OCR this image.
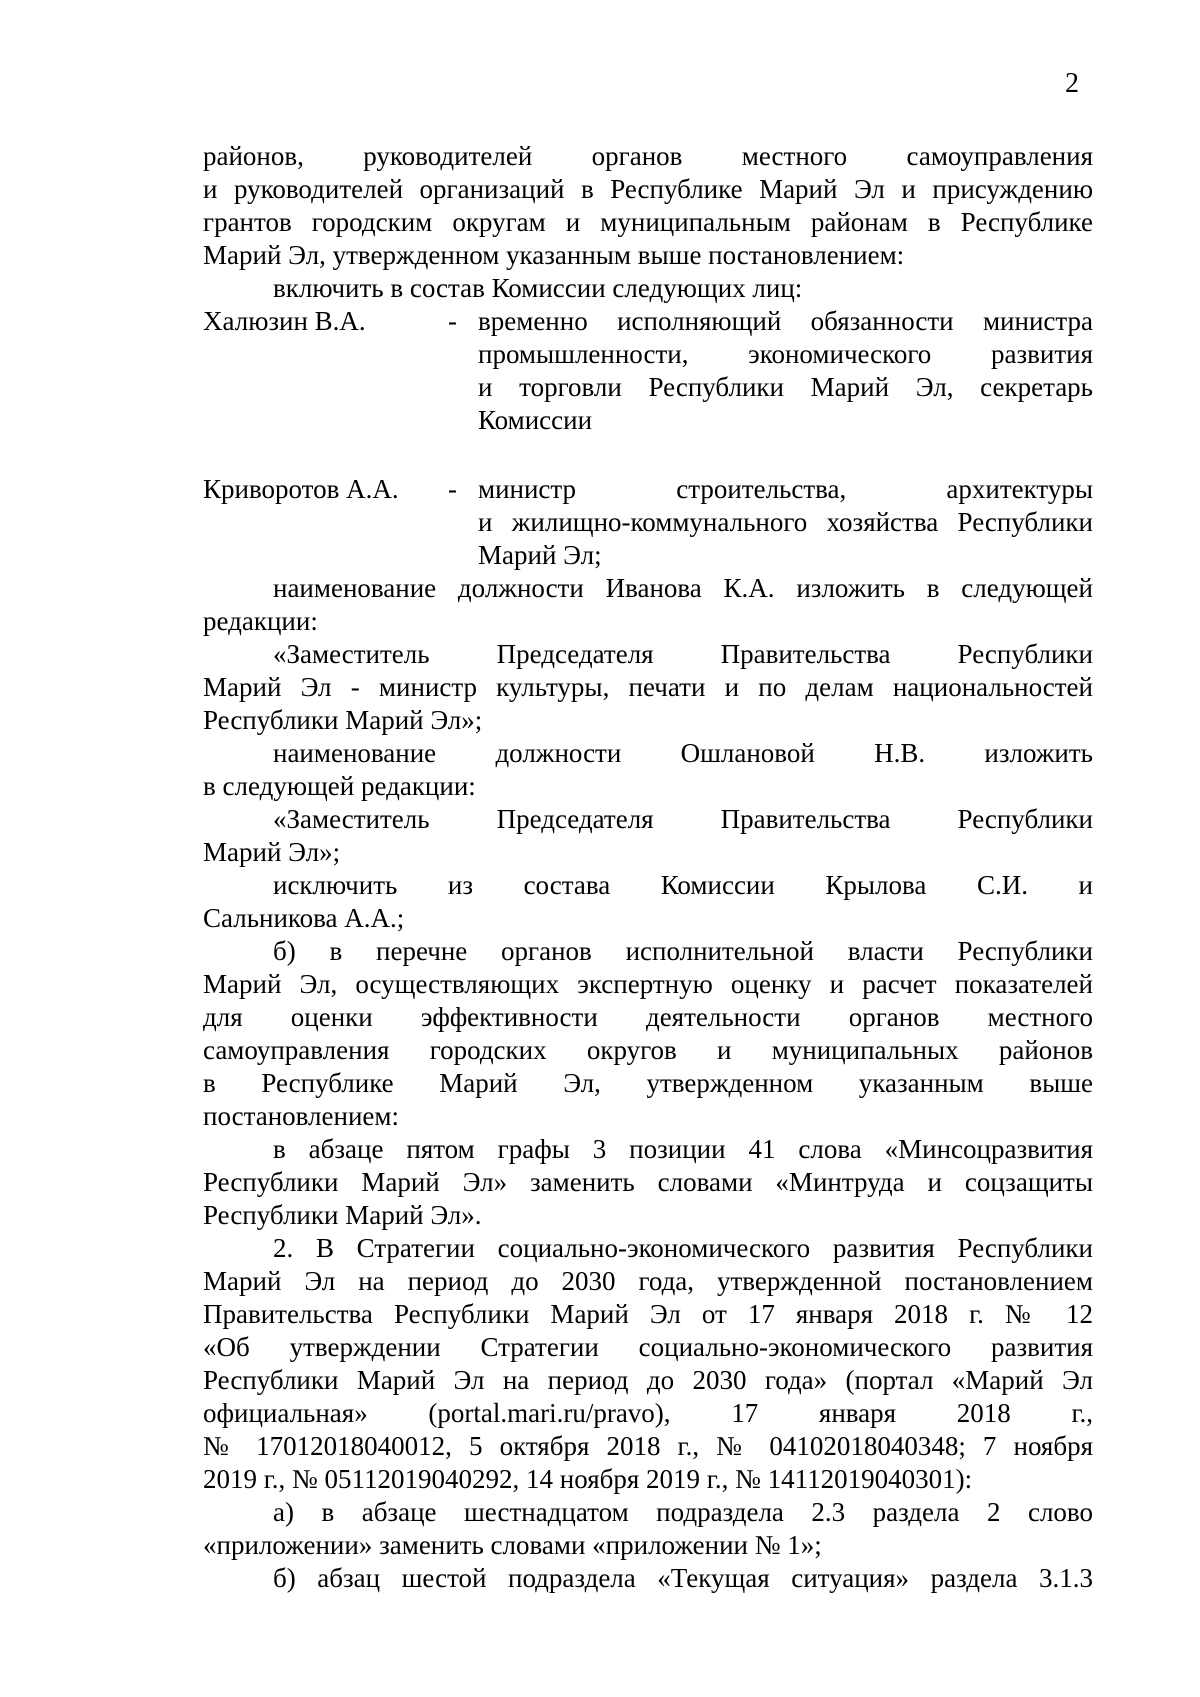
2

районов, руководителей органов местного самоуправления

и руководителей организаций в Республике Марий Эл и присуждению

грантов городским округам и муниципальным районам в Республике

Марий Эл, утвержденном указанным выше постановлением:

включить в состав Комиссии следующих лиц:

Халюзин В.А.	- временно исполняющий обязанности министра
промышленности, экономического развития
и торговли Республики Марий Эл, секретарь
Комиссии
Криворотов А.А.	- министр строительства, архитектуры
и жилищно-коммунального хозяйства Республики
Марий Эл;

наименование должности Иванова К.А. изложить в следующей

редакции:

«Заместитель Председателя Правительства Республики

Марий Эл - министр культуры, печати и по делам национальностей

Республики Марий Эл»;

наименование должности Ошлановой Н.В. изложить

в следующей редакции:

«Заместитель Председателя Правительства Республики

Марий Эл»;

исключить из состава Комиссии Крылова С.И. и

Сальникова А.А.;

б) в перечне органов исполнительной власти Республики

Марий Эл, осуществляющих экспертную оценку и расчет показателей

для оценки эффективности деятельности органов местного

самоуправления городских округов и муниципальных районов

в Республике Марий Эл, утвержденном указанным выше

постановлением:

в абзаце пятом графы 3 позиции 41 слова «Минсоцразвития

Республики Марий Эл» заменить словами «Минтруда и соцзащиты

Республики Марий Эл».

2. В Стратегии социально-экономического развития Республики

Марий Эл на период до 2030 года, утвержденной постановлением

Правительства Республики Марий Эл от 17 января 2018 г. № 12

«Об утверждении Стратегии социально-экономического развития

Республики Марий Эл на период до 2030 года» (портал «Марий Эл

официальная» (portal.mari.ru/pravo), 17 января 2018 г.,

№ 17012018040012, 5 октября 2018 г., № 04102018040348; 7 ноября

2019 г., № 05112019040292, 14 ноября 2019 г., № 14112019040301):

а) в абзаце шестнадцатом подраздела 2.3 раздела 2 слово

«приложении» заменить словами «приложении № 1»;

б) абзац шестой подраздела «Текущая ситуация» раздела 3.1.3
